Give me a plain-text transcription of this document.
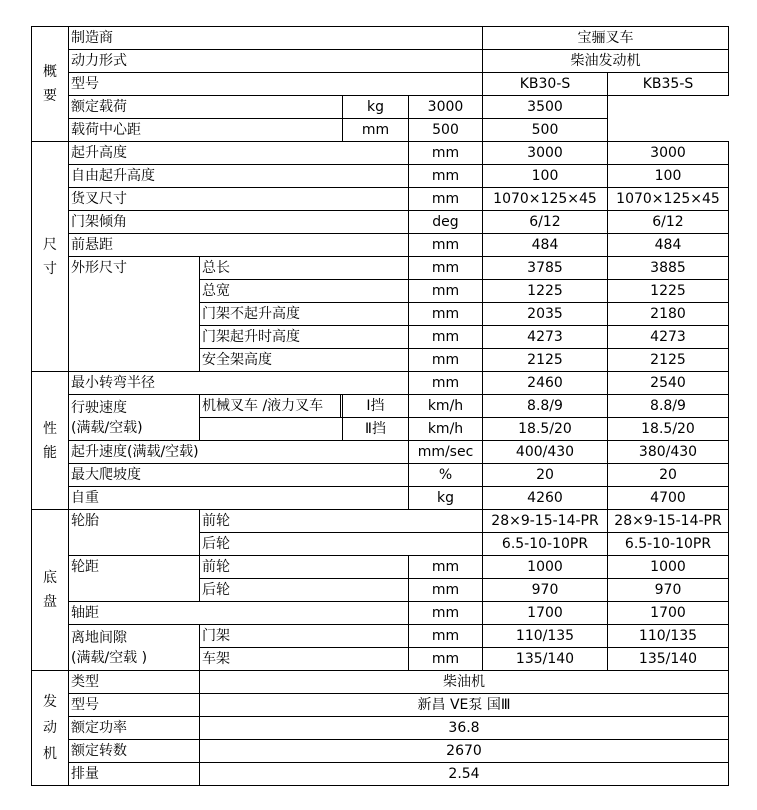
概
要	制造商				宝骊叉车	
	动力形式				柴油发动机	
	型号				KB30-S	KB35-S
	额定载荷		kg	3000	3500	
	载荷中心距		mm	500	500	
尺
寸	起升高度			mm	3000	3000
	自由起升高度			mm	100	100
	货叉尺寸			mm	1070×125×45	1070×125×45
	门架倾角			deg	6/12	6/12
	前悬距			mm	484	484
	外形尺寸	总长		mm	3785	3885
		总宽		mm	1225	1225
		门架不起升高度		mm	2035	2180
		门架起升时高度		mm	4273	4273
		安全架高度		mm	2125	2125
性
能	最小转弯半径			mm	2460	2540
	行驶速度
(满载/空载)	机械叉车 /液力叉车	Ⅰ挡	km/h	8.8/9	8.8/9
			Ⅱ挡	km/h	18.5/20	18.5/20
	起升速度(满载/空载)			mm/sec	400/430	380/430
	最大爬坡度			%	20	20
	自重			kg	4260	4700
底
盘	轮胎	前轮			28×9-15-14-PR	28×9-15-14-PR
		后轮			6.5-10-10PR	6.5-10-10PR
	轮距	前轮		mm	1000	1000
		后轮		mm	970	970
	轴距			mm	1700	1700
	离地间隙
(满载/空载 )	门架		mm	110/135	110/135
		车架		mm	135/140	135/140
发
动
机	类型	柴油机				
	型号	新昌 VE泵 国Ⅲ				
	额定功率	36.8				
	额定转数	2670				
	排量	2.54				
